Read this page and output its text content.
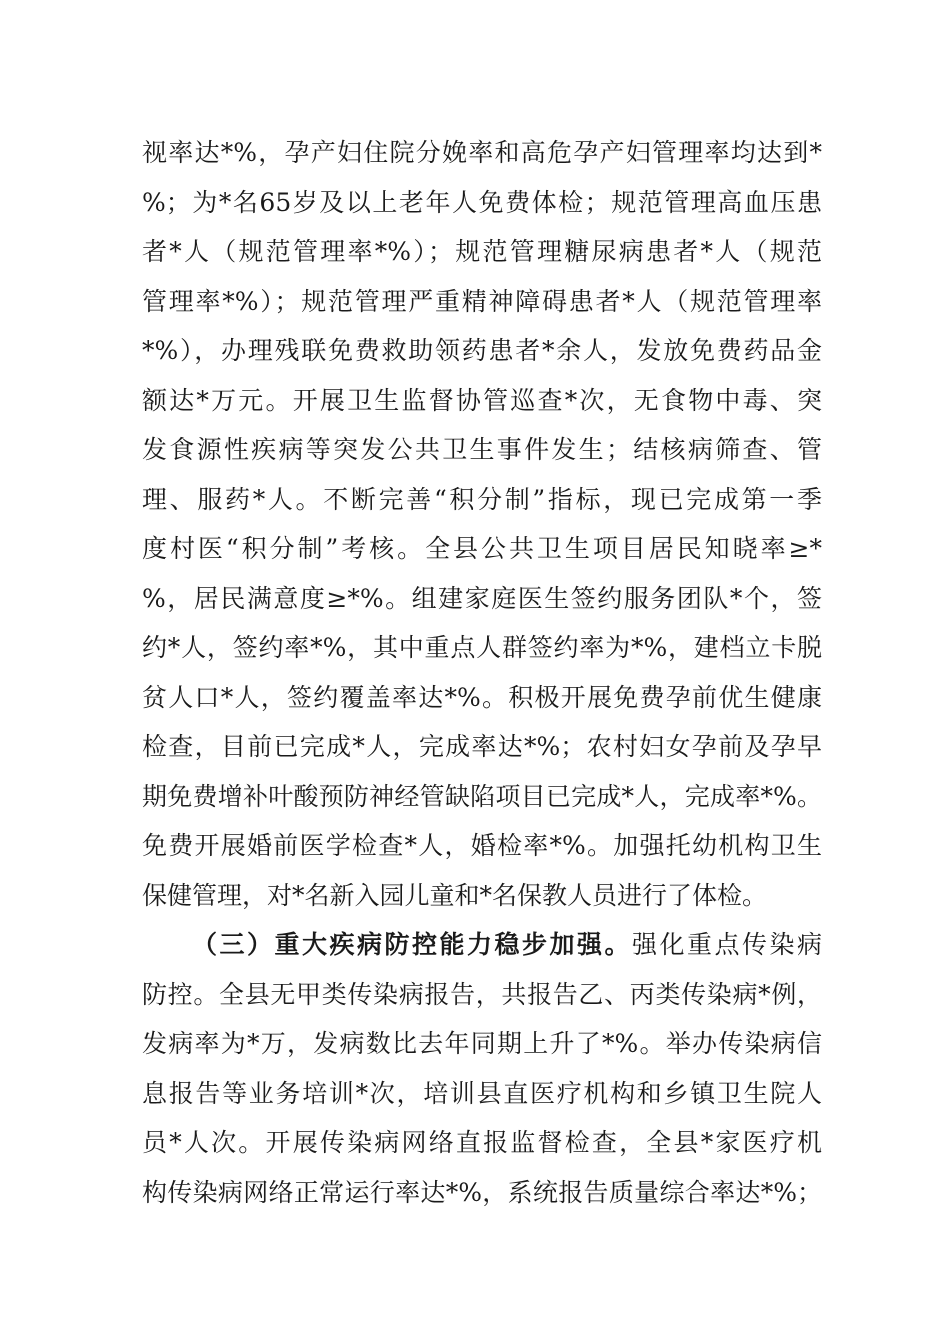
视率达*%，孕产妇住院分娩率和高危孕产妇管理率均达到*
%；为*名65岁及以上老年人免费体检；规范管理高血压患
者*人（规范管理率*%）；规范管理糖尿病患者*人（规范
管理率*%）；规范管理严重精神障碍患者*人（规范管理率
*%），办理残联免费救助领药患者*余人，发放免费药品金
额达*万元。开展卫生监督协管巡查*次，无食物中毒、突
发食源性疾病等突发公共卫生事件发生；结核病筛查、管
理、服药*人。不断完善“积分制”指标，现已完成第一季
度村医“积分制”考核。全县公共卫生项目居民知晓率≥*
%，居民满意度≥*%。组建家庭医生签约服务团队*个，签
约*人，签约率*%，其中重点人群签约率为*%，建档立卡脱
贫人口*人，签约覆盖率达*%。积极开展免费孕前优生健康
检查，目前已完成*人，完成率达*%；农村妇女孕前及孕早
期免费增补叶酸预防神经管缺陷项目已完成*人，完成率*%。
免费开展婚前医学检查*人，婚检率*%。加强托幼机构卫生
保健管理，对*名新入园儿童和*名保教人员进行了体检。
（三）重大疾病防控能力稳步加强。强化重点传染病
防控。全县无甲类传染病报告，共报告乙、丙类传染病*例，
发病率为*万，发病数比去年同期上升了*%。举办传染病信
息报告等业务培训*次，培训县直医疗机构和乡镇卫生院人
员*人次。开展传染病网络直报监督检查，全县*家医疗机
构传染病网络正常运行率达*%，系统报告质量综合率达*%；
